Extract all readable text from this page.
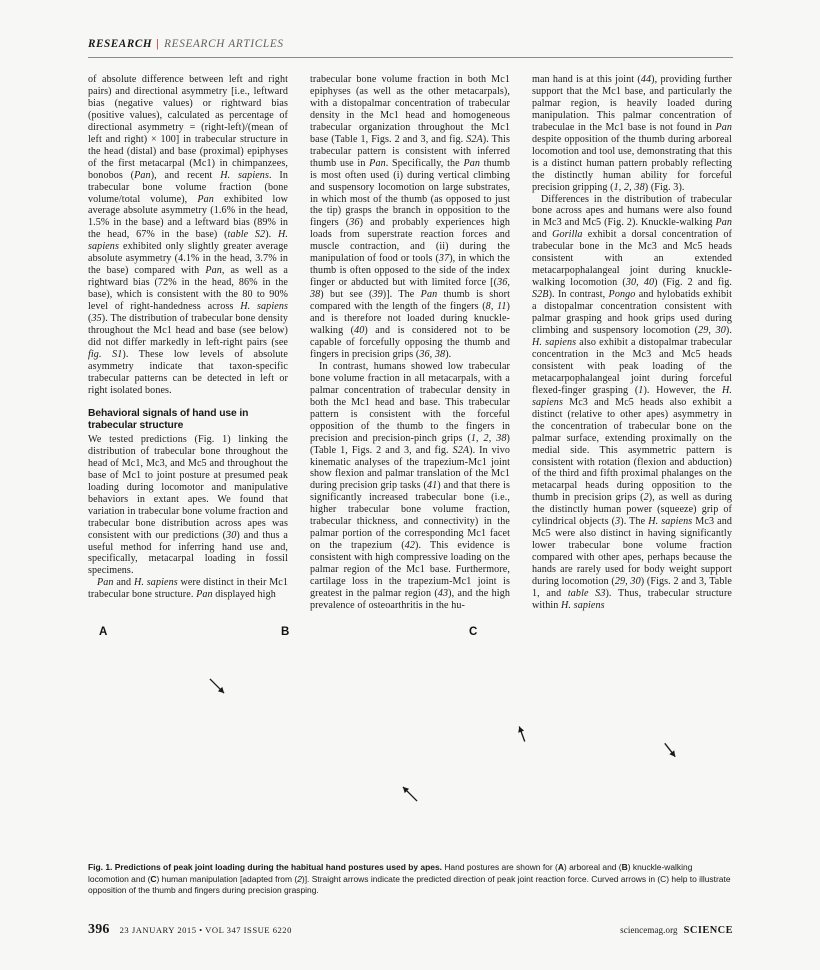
RESEARCH | RESEARCH ARTICLES

of absolute difference between left and right pairs) and directional asymmetry [i.e., leftward bias (negative values) or rightward bias (positive values), calculated as percentage of directional asymmetry = (right-left)/(mean of left and right) × 100] in trabecular structure in the head (distal) and base (proximal) epiphyses of the first metacarpal (Mc1) in chimpanzees, bonobos (Pan), and recent H. sapiens. In trabecular bone volume fraction (bone volume/total volume), Pan exhibited low average absolute asymmetry (1.6% in the head, 1.5% in the base) and a leftward bias (89% in the head, 67% in the base) (table S2). H. sapiens exhibited only slightly greater average absolute asymmetry (4.1% in the head, 3.7% in the base) compared with Pan, as well as a rightward bias (72% in the head, 86% in the base), which is consistent with the 80 to 90% level of right-handedness across H. sapiens (35). The distribution of trabecular bone density throughout the Mc1 head and base (see below) did not differ markedly in left-right pairs (see fig. S1). These low levels of absolute asymmetry indicate that taxon-specific trabecular patterns can be detected in left or right isolated bones.

Behavioral signals of hand use in trabecular structure

We tested predictions (Fig. 1) linking the distribution of trabecular bone throughout the head of Mc1, Mc3, and Mc5 and throughout the base of Mc1 to joint posture at presumed peak loading during locomotor and manipulative behaviors in extant apes. We found that variation in trabecular bone volume fraction and trabecular bone distribution across apes was consistent with our predictions (30) and thus a useful method for inferring hand use and, specifically, metacarpal loading in fossil specimens.

Pan and H. sapiens were distinct in their Mc1 trabecular bone structure. Pan displayed high

trabecular bone volume fraction in both Mc1 epiphyses (as well as the other metacarpals), with a distopalmar concentration of trabecular density in the Mc1 head and homogeneous trabecular organization throughout the Mc1 base (Table 1, Figs. 2 and 3, and fig. S2A). This trabecular pattern is consistent with inferred thumb use in Pan. Specifically, the Pan thumb is most often used (i) during vertical climbing and suspensory locomotion on large substrates, in which most of the thumb (as opposed to just the tip) grasps the branch in opposition to the fingers (36) and probably experiences high loads from superstrate reaction forces and muscle contraction, and (ii) during the manipulation of food or tools (37), in which the thumb is often opposed to the side of the index finger or abducted but with limited force [(36, 38) but see (39)]. The Pan thumb is short compared with the length of the fingers (8, 11) and is therefore not loaded during knuckle-walking (40) and is considered not to be capable of forcefully opposing the thumb and fingers in precision grips (36, 38).

In contrast, humans showed low trabecular bone volume fraction in all metacarpals, with a palmar concentration of trabecular density in both the Mc1 head and base. This trabecular pattern is consistent with the forceful opposition of the thumb to the fingers in precision and precision-pinch grips (1, 2, 38) (Table 1, Figs. 2 and 3, and fig. S2A). In vivo kinematic analyses of the trapezium-Mc1 joint show flexion and palmar translation of the Mc1 during precision grip tasks (41) and that there is significantly increased trabecular bone (i.e., higher trabecular bone volume fraction, trabecular thickness, and connectivity) in the palmar portion of the corresponding Mc1 facet on the trapezium (42). This evidence is consistent with high compressive loading on the palmar region of the Mc1 base. Furthermore, cartilage loss in the trapezium-Mc1 joint is greatest in the palmar region (43), and the high prevalence of osteoarthritis in the hu-

man hand is at this joint (44), providing further support that the Mc1 base, and particularly the palmar region, is heavily loaded during manipulation. This palmar concentration of trabeculae in the Mc1 base is not found in Pan despite opposition of the thumb during arboreal locomotion and tool use, demonstrating that this is a distinct human pattern probably reflecting the distinctly human ability for forceful precision gripping (1, 2, 38) (Fig. 3).

Differences in the distribution of trabecular bone across apes and humans were also found in Mc3 and Mc5 (Fig. 2). Knuckle-walking Pan and Gorilla exhibit a dorsal concentration of trabecular bone in the Mc3 and Mc5 heads consistent with an extended metacarpophalangeal joint during knuckle-walking locomotion (30, 40) (Fig. 2 and fig. S2B). In contrast, Pongo and hylobatids exhibit a distopalmar concentration consistent with palmar grasping and hook grips used during climbing and suspensory locomotion (29, 30). H. sapiens also exhibit a distopalmar trabecular concentration in the Mc3 and Mc5 heads consistent with peak loading of the metacarpophalangeal joint during forceful flexed-finger grasping (1). However, the H. sapiens Mc3 and Mc5 heads also exhibit a distinct (relative to other apes) asymmetry in the concentration of trabecular bone on the palmar surface, extending proximally on the medial side. This asymmetric pattern is consistent with rotation (flexion and abduction) of the third and fifth proximal phalanges on the metacarpal heads during opposition to the thumb in precision grips (2), as well as during the distinctly human power (squeeze) grip of cylindrical objects (3). The H. sapiens Mc3 and Mc5 were also distinct in having significantly lower trabecular bone volume fraction compared with other apes, perhaps because the hands are rarely used for body weight support during locomotion (29, 30) (Figs. 2 and 3, Table 1, and table S3). Thus, trabecular structure within H. sapiens

A	B	C
Fig. 1. Predictions of peak joint loading during the habitual hand postures used by apes. Hand postures are shown for (A) arboreal and (B) knuckle-walking locomotion and (C) human manipulation [adapted from (2)]. Straight arrows indicate the predicted direction of peak joint reaction force. Curved arrows in (C) help to illustrate opposition of the thumb and fingers during precision grasping.
396 23 JANUARY 2015 • VOL 347 ISSUE 6220	sciencemag.org SCIENCE
